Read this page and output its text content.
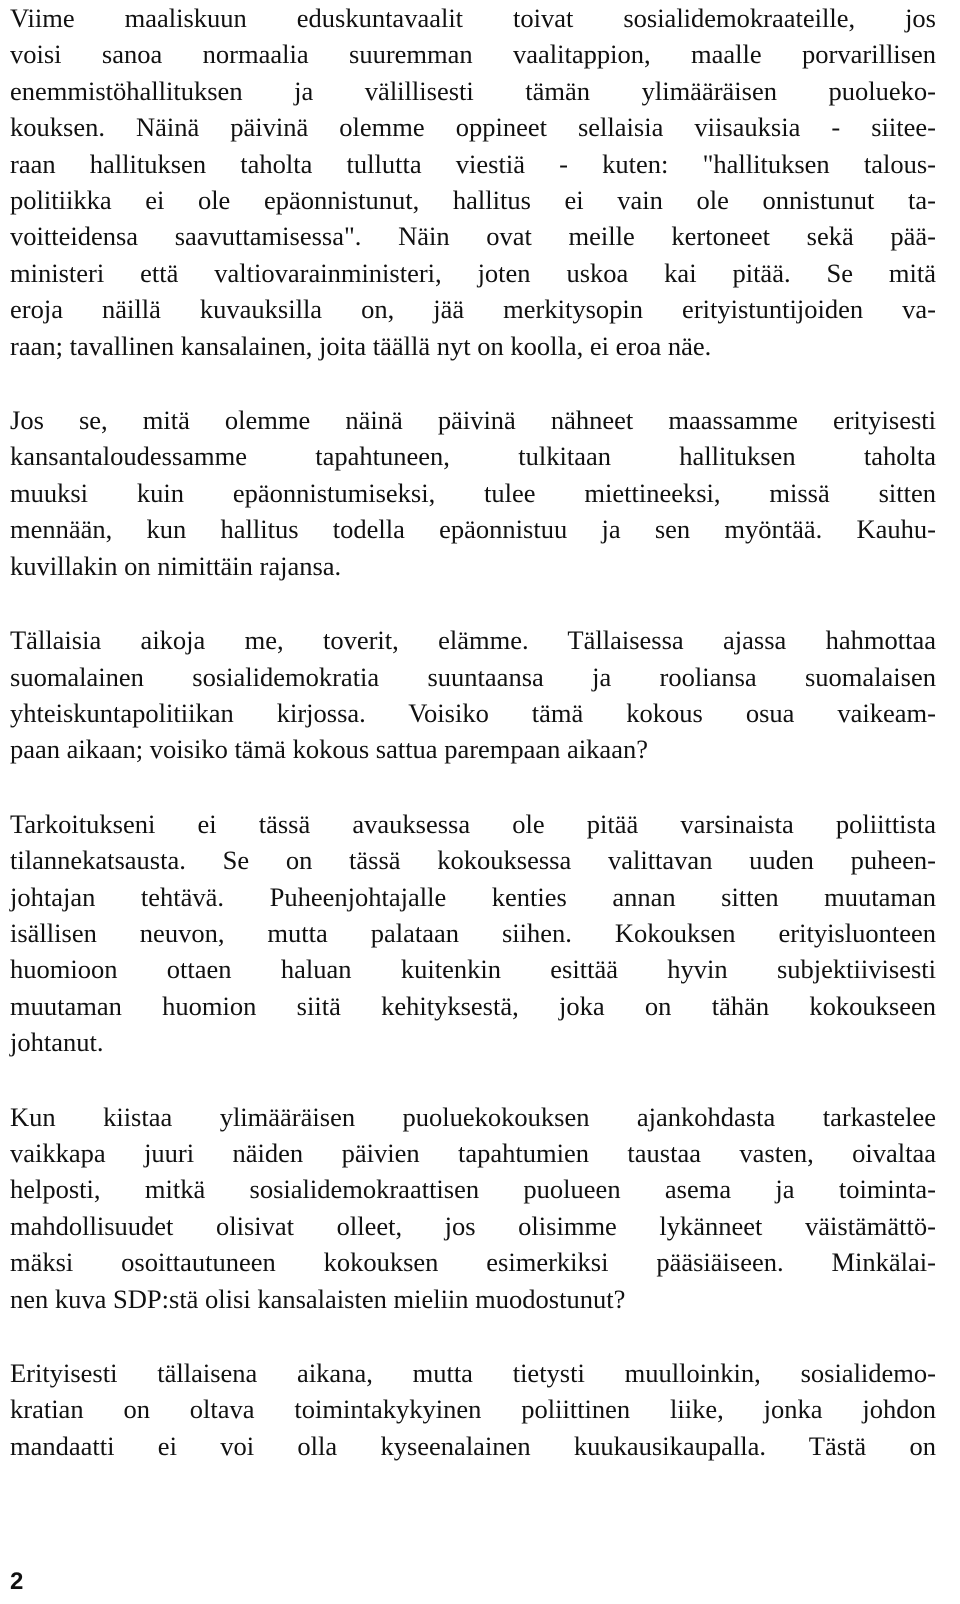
Viime maaliskuun eduskuntavaalit toivat sosialidemokraateille, jos
voisi sanoa normaalia suuremman vaalitappion, maalle porvarillisen
enemmistöhallituksen ja välillisesti tämän ylimääräisen puolueko-
kouksen. Näinä päivinä olemme oppineet sellaisia viisauksia - siitee-
raan hallituksen taholta tullutta viestiä - kuten: "hallituksen talous-
politiikka ei ole epäonnistunut, hallitus ei vain ole onnistunut ta-
voitteidensa saavuttamisessa". Näin ovat meille kertoneet sekä pää-
ministeri että valtiovarainministeri, joten uskoa kai pitää. Se mitä
eroja näillä kuvauksilla on, jää merkitysopin erityistuntijoiden va-
raan; tavallinen kansalainen, joita täällä nyt on koolla, ei eroa näe.
Jos se, mitä olemme näinä päivinä nähneet maassamme erityisesti
kansantaloudessamme tapahtuneen, tulkitaan hallituksen taholta
muuksi kuin epäonnistumiseksi, tulee miettineeksi, missä sitten
mennään, kun hallitus todella epäonnistuu ja sen myöntää. Kauhu-
kuvillakin on nimittäin rajansa.
Tällaisia aikoja me, toverit, elämme. Tällaisessa ajassa hahmottaa
suomalainen sosialidemokratia suuntaansa ja rooliansa suomalaisen
yhteiskuntapolitiikan kirjossa. Voisiko tämä kokous osua vaikeam-
paan aikaan; voisiko tämä kokous sattua parempaan aikaan?
Tarkoitukseni ei tässä avauksessa ole pitää varsinaista poliittista
tilannekatsausta. Se on tässä kokouksessa valittavan uuden puheen-
johtajan tehtävä. Puheenjohtajalle kenties annan sitten muutaman
isällisen neuvon, mutta palataan siihen. Kokouksen erityisluonteen
huomioon ottaen haluan kuitenkin esittää hyvin subjektiivisesti
muutaman huomion siitä kehityksestä, joka on tähän kokoukseen
johtanut.
Kun kiistaa ylimääräisen puoluekokouksen ajankohdasta tarkastelee
vaikkapa juuri näiden päivien tapahtumien taustaa vasten, oivaltaa
helposti, mitkä sosialidemokraattisen puolueen asema ja toiminta-
mahdollisuudet olisivat olleet, jos olisimme lykänneet väistämättö-
mäksi osoittautuneen kokouksen esimerkiksi pääsiäiseen. Minkälai-
nen kuva SDP:stä olisi kansalaisten mieliin muodostunut?
Erityisesti tällaisena aikana, mutta tietysti muulloinkin, sosialidemo-
kratian on oltava toimintakykyinen poliittinen liike, jonka johdon
mandaatti ei voi olla kyseenalainen kuukausikaupalla. Tästä on
2
